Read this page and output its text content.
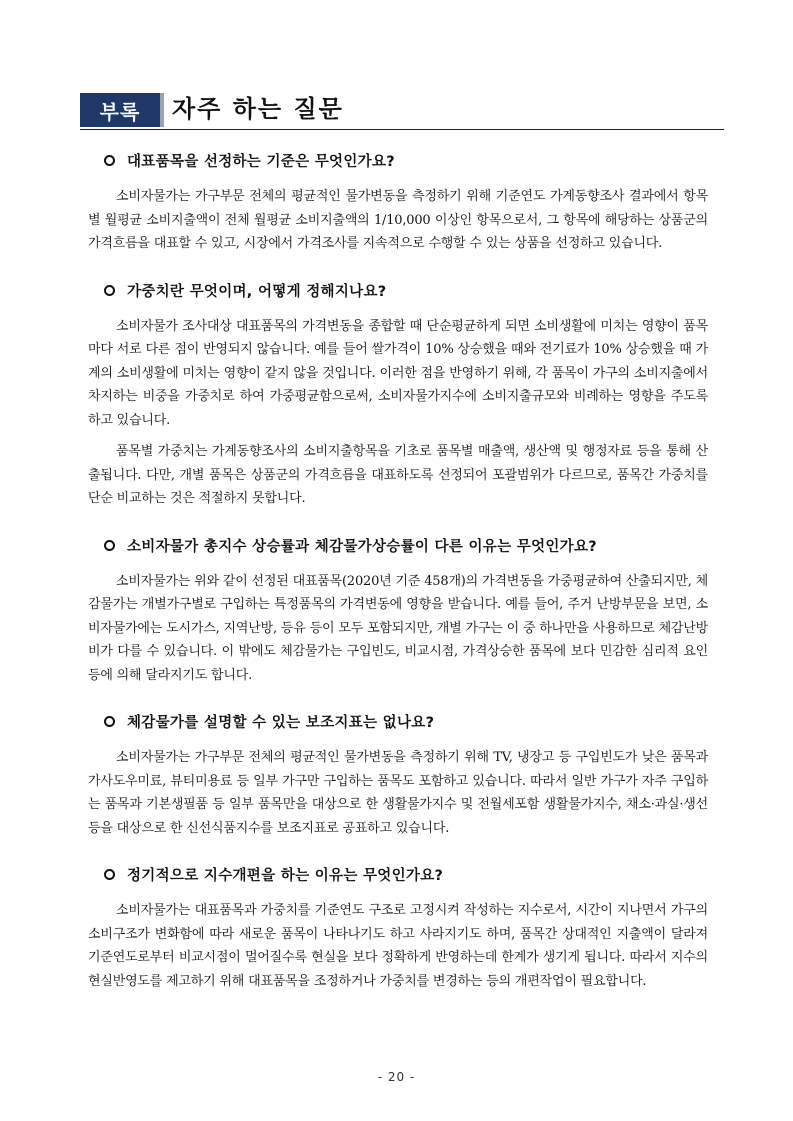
부록	자주 하는 질문
대표품목을 선정하는 기준은 무엇인가요?

소비자물가는 가구부문 전체의 평균적인 물가변동을 측정하기 위해 기준연도 가계동향조사 결과에서 항목별 월평균 소비지출액이 전체 월평균 소비지출액의 1/10,000 이상인 항목으로서, 그 항목에 해당하는 상품군의 가격흐름을 대표할 수 있고, 시장에서 가격조사를 지속적으로 수행할 수 있는 상품을 선정하고 있습니다.

가중치란 무엇이며, 어떻게 정해지나요?

소비자물가 조사대상 대표품목의 가격변동을 종합할 때 단순평균하게 되면 소비생활에 미치는 영향이 품목마다 서로 다른 점이 반영되지 않습니다. 예를 들어 쌀가격이 10% 상승했을 때와 전기료가 10% 상승했을 때 가계의 소비생활에 미치는 영향이 같지 않을 것입니다. 이러한 점을 반영하기 위해, 각 품목이 가구의 소비지출에서 차지하는 비중을 가중치로 하여 가중평균함으로써, 소비자물가지수에 소비지출규모와 비례하는 영향을 주도록 하고 있습니다.

품목별 가중치는 가계동향조사의 소비지출항목을 기초로 품목별 매출액, 생산액 및 행정자료 등을 통해 산출됩니다. 다만, 개별 품목은 상품군의 가격흐름을 대표하도록 선정되어 포괄범위가 다르므로, 품목간 가중치를 단순 비교하는 것은 적절하지 못합니다.

소비자물가 총지수 상승률과 체감물가상승률이 다른 이유는 무엇인가요?

소비자물가는 위와 같이 선정된 대표품목(2020년 기준 458개)의 가격변동을 가중평균하여 산출되지만, 체감물가는 개별가구별로 구입하는 특정품목의 가격변동에 영향을 받습니다. 예를 들어, 주거 난방부문을 보면, 소비자물가에는 도시가스, 지역난방, 등유 등이 모두 포함되지만, 개별 가구는 이 중 하나만을 사용하므로 체감난방비가 다를 수 있습니다. 이 밖에도 체감물가는 구입빈도, 비교시점, 가격상승한 품목에 보다 민감한 심리적 요인 등에 의해 달라지기도 합니다.

체감물가를 설명할 수 있는 보조지표는 없나요?

소비자물가는 가구부문 전체의 평균적인 물가변동을 측정하기 위해 TV, 냉장고 등 구입빈도가 낮은 품목과 가사도우미료, 뷰티미용료 등 일부 가구만 구입하는 품목도 포함하고 있습니다. 따라서 일반 가구가 자주 구입하는 품목과 기본생필품 등 일부 품목만을 대상으로 한 생활물가지수 및 전월세포함 생활물가지수, 채소·과실·생선 등을 대상으로 한 신선식품지수를 보조지표로 공표하고 있습니다.

정기적으로 지수개편을 하는 이유는 무엇인가요?

소비자물가는 대표품목과 가중치를 기준연도 구조로 고정시켜 작성하는 지수로서, 시간이 지나면서 가구의 소비구조가 변화함에 따라 새로운 품목이 나타나기도 하고 사라지기도 하며, 품목간 상대적인 지출액이 달라져 기준연도로부터 비교시점이 멀어질수록 현실을 보다 정확하게 반영하는데 한계가 생기게 됩니다. 따라서 지수의 현실반영도를 제고하기 위해 대표품목을 조정하거나 가중치를 변경하는 등의 개편작업이 필요합니다.

- 20 -
